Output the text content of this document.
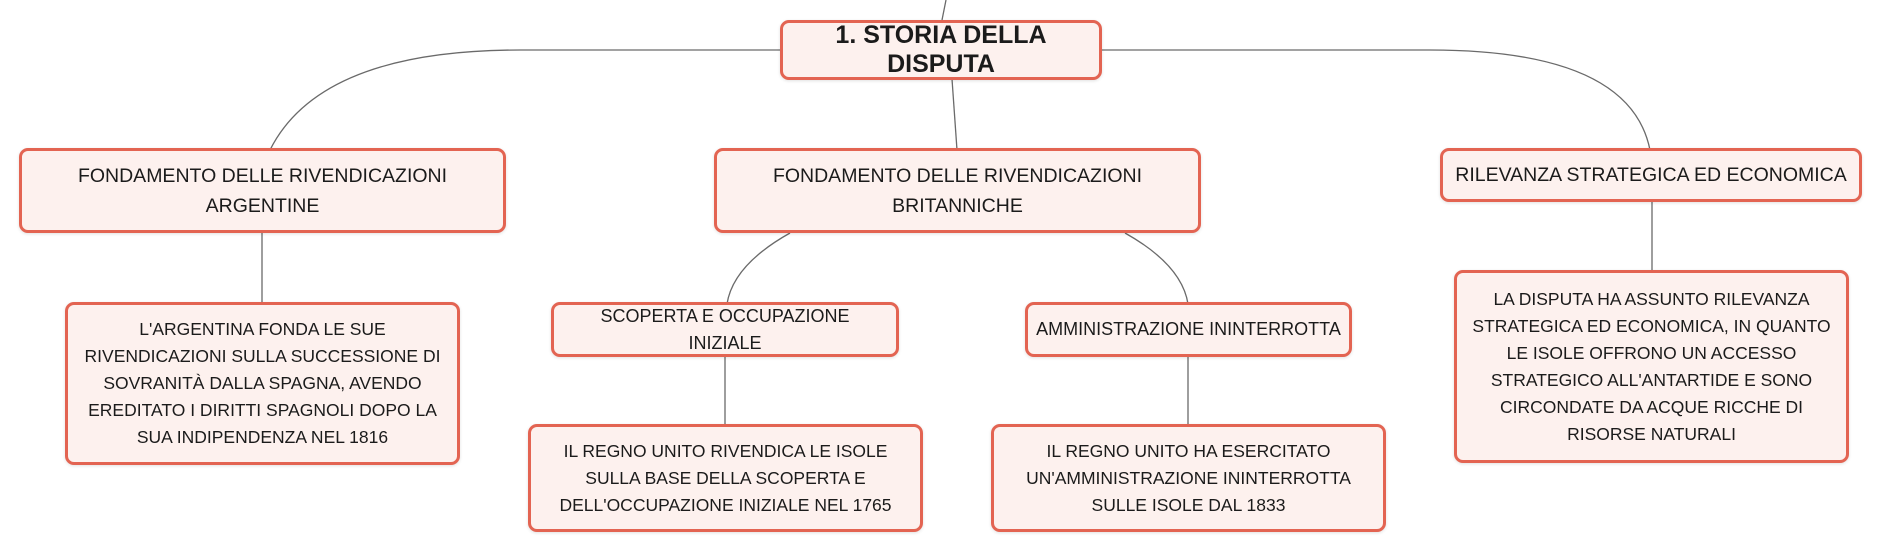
1. STORIA DELLA DISPUTA
FONDAMENTO DELLE RIVENDICAZIONI ARGENTINE
FONDAMENTO DELLE RIVENDICAZIONI BRITANNICHE
RILEVANZA STRATEGICA ED ECONOMICA
SCOPERTA E OCCUPAZIONE INIZIALE
AMMINISTRAZIONE ININTERROTTA
L'ARGENTINA FONDA LE SUE RIVENDICAZIONI SULLA SUCCESSIONE DI SOVRANITÀ DALLA SPAGNA, AVENDO EREDITATO I DIRITTI SPAGNOLI DOPO LA SUA INDIPENDENZA NEL 1816
IL REGNO UNITO RIVENDICA LE ISOLE SULLA BASE DELLA SCOPERTA E DELL'OCCUPAZIONE INIZIALE NEL 1765
IL REGNO UNITO HA ESERCITATO UN'AMMINISTRAZIONE ININTERROTTA SULLE ISOLE DAL 1833
LA DISPUTA HA ASSUNTO RILEVANZA STRATEGICA ED ECONOMICA, IN QUANTO LE ISOLE OFFRONO UN ACCESSO STRATEGICO ALL'ANTARTIDE E SONO CIRCONDATE DA ACQUE RICCHE DI RISORSE NATURALI
